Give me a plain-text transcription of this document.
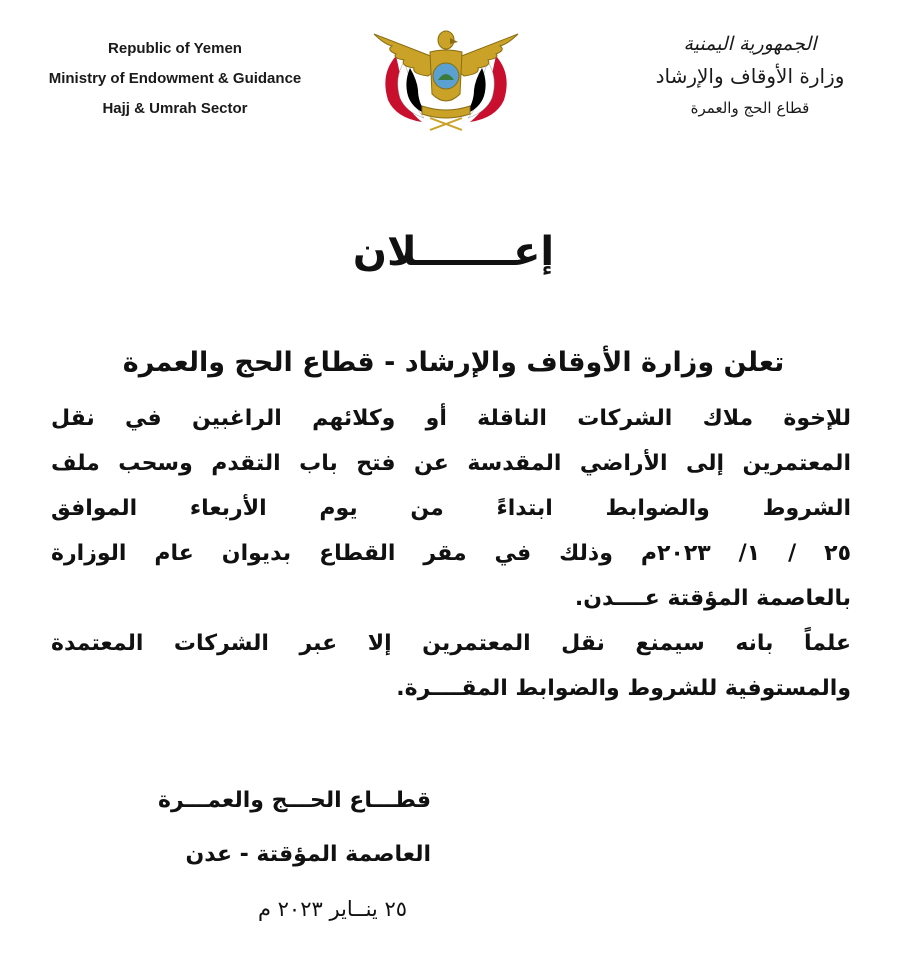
Republic of Yemen
Ministry of Endowment & Guidance
Hajj & Umrah Sector
الجمهورية اليمنية
وزارة الأوقاف والإرشاد
قطاع الحج والعمرة
إعـــــــلان
تعلن وزارة الأوقاف والإرشاد - قطاع الحج والعمرة
للإخوة ملاك الشركات الناقلة أو وكلائهم الراغبين في نقل
المعتمرين إلى الأراضي المقدسة عن فتح باب التقدم وسحب ملف
الشروط والضوابط ابتداءً من يوم الأربعاء الموافق
٢٥ / ١/ ٢٠٢٣م وذلك في مقر القطاع بديوان عام الوزارة
بالعاصمة المؤقتة عــــدن.
علماً بانه سيمنع نقل المعتمرين إلا عبر الشركات المعتمدة
والمستوفية للشروط والضوابط المقــــرة.
قطـــاع الحـــج والعمـــرة
العاصمة المؤقتة - عدن
٢٥ ينــاير ٢٠٢٣ م
